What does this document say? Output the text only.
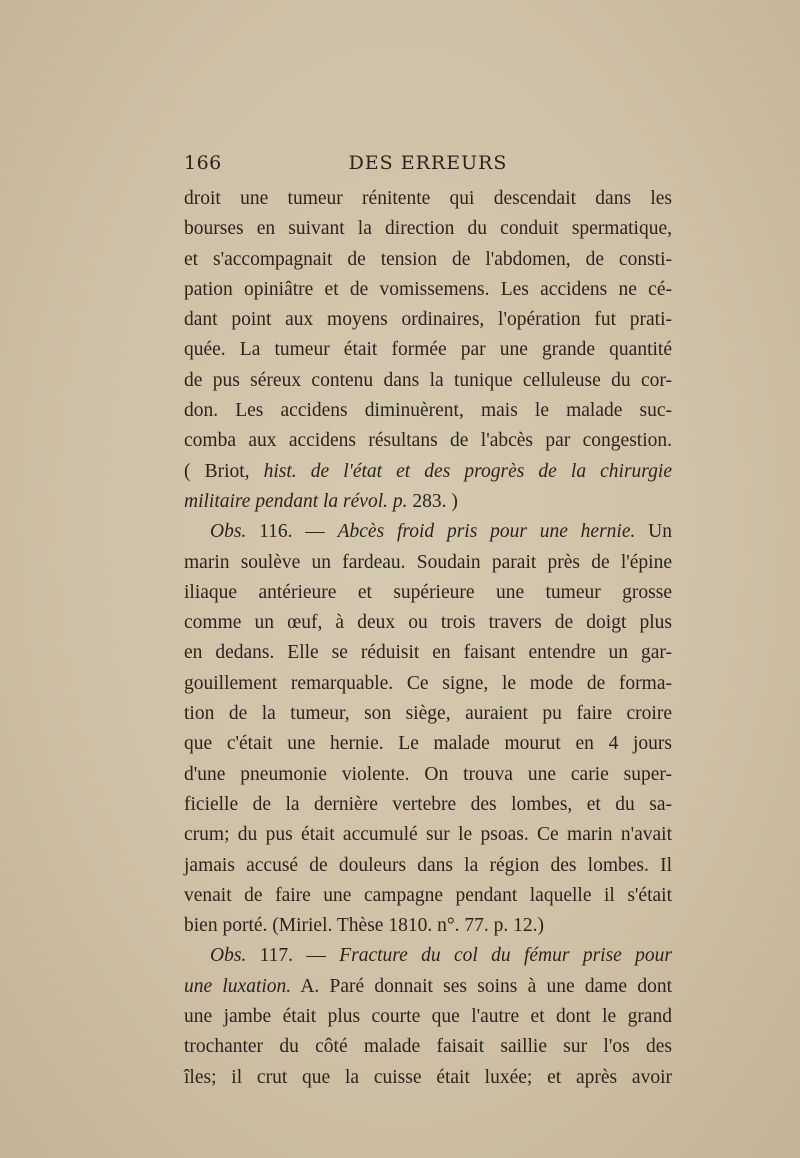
166	DES ERREURS
droit une tumeur rénitente qui descendait dans les
bourses en suivant la direction du conduit spermatique,
et s'accompagnait de tension de l'abdomen, de consti-
pation opiniâtre et de vomissemens. Les accidens ne cé-
dant point aux moyens ordinaires, l'opération fut prati-
quée. La tumeur était formée par une grande quantité
de pus séreux contenu dans la tunique celluleuse du cor-
don. Les accidens diminuèrent, mais le malade suc-
comba aux accidens résultans de l'abcès par congestion.
( Briot, hist. de l'état et des progrès de la chirurgie
militaire pendant la révol. p. 283. )
Obs. 116. — Abcès froid pris pour une hernie. Un
marin soulève un fardeau. Soudain parait près de l'épine
iliaque antérieure et supérieure une tumeur grosse
comme un œuf, à deux ou trois travers de doigt plus
en dedans. Elle se réduisit en faisant entendre un gar-
gouillement remarquable. Ce signe, le mode de forma-
tion de la tumeur, son siège, auraient pu faire croire
que c'était une hernie. Le malade mourut en 4 jours
d'une pneumonie violente. On trouva une carie super-
ficielle de la dernière vertebre des lombes, et du sa-
crum; du pus était accumulé sur le psoas. Ce marin n'avait
jamais accusé de douleurs dans la région des lombes. Il
venait de faire une campagne pendant laquelle il s'était
bien porté. (Miriel. Thèse 1810. n°. 77. p. 12.)
Obs. 117. — Fracture du col du fémur prise pour
une luxation. A. Paré donnait ses soins à une dame dont
une jambe était plus courte que l'autre et dont le grand
trochanter du côté malade faisait saillie sur l'os des
îles; il crut que la cuisse était luxée; et après avoir
